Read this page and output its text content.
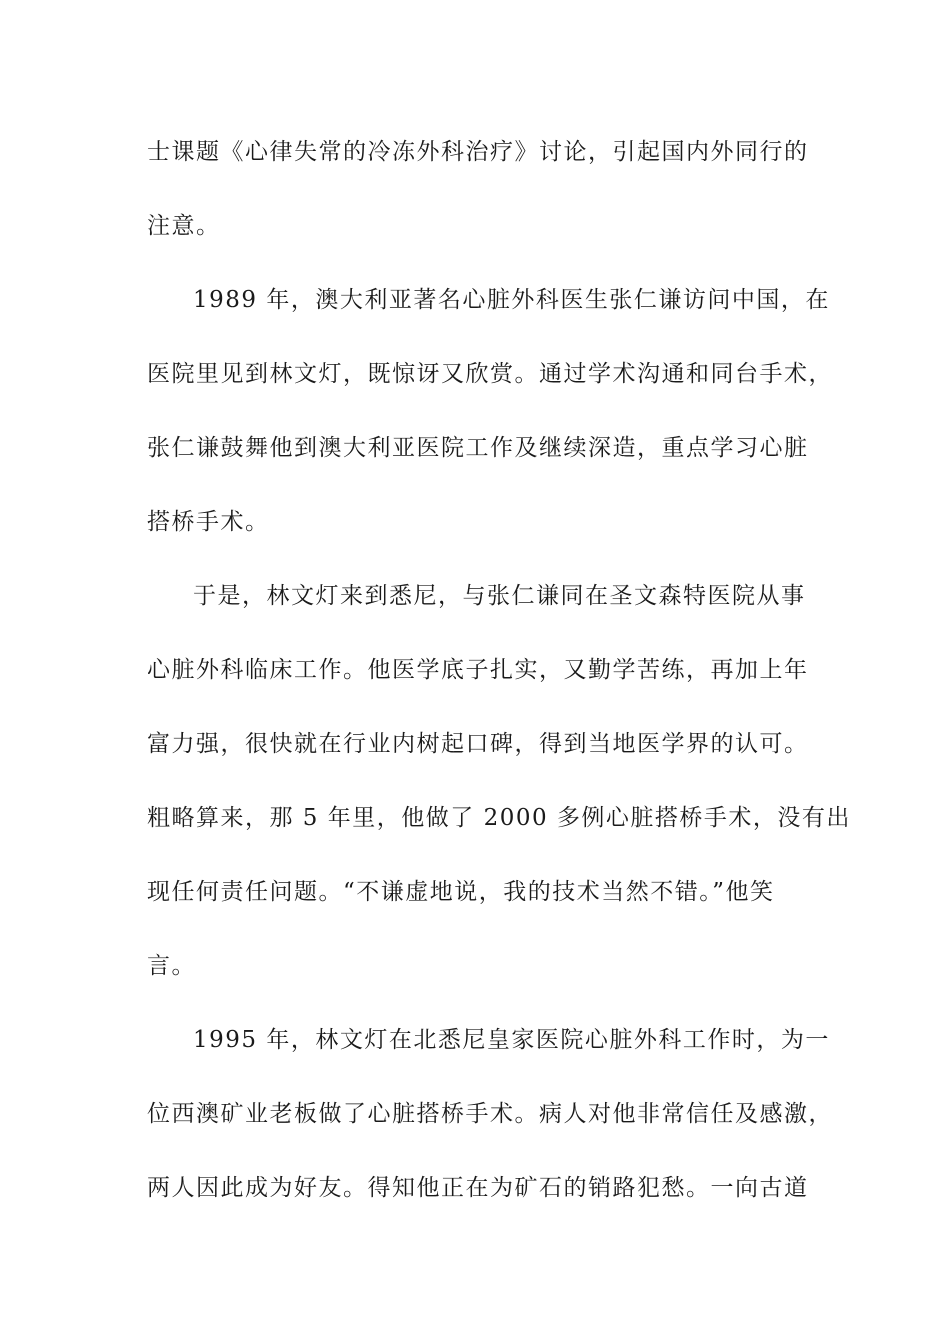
士课题《心律失常的冷冻外科治疗》讨论，引起国内外同行的
注意。
1989 年，澳大利亚著名心脏外科医生张仁谦访问中国，在
医院里见到林文灯，既惊讶又欣赏。通过学术沟通和同台手术，
张仁谦鼓舞他到澳大利亚医院工作及继续深造，重点学习心脏
搭桥手术。
于是，林文灯来到悉尼，与张仁谦同在圣文森特医院从事
心脏外科临床工作。他医学底子扎实，又勤学苦练，再加上年
富力强，很快就在行业内树起口碑，得到当地医学界的认可。
粗略算来，那 5 年里，他做了 2000 多例心脏搭桥手术，没有出
现任何责任问题。“不谦虚地说，我的技术当然不错。”他笑
言。
1995 年，林文灯在北悉尼皇家医院心脏外科工作时，为一
位西澳矿业老板做了心脏搭桥手术。病人对他非常信任及感激，
两人因此成为好友。得知他正在为矿石的销路犯愁。一向古道
